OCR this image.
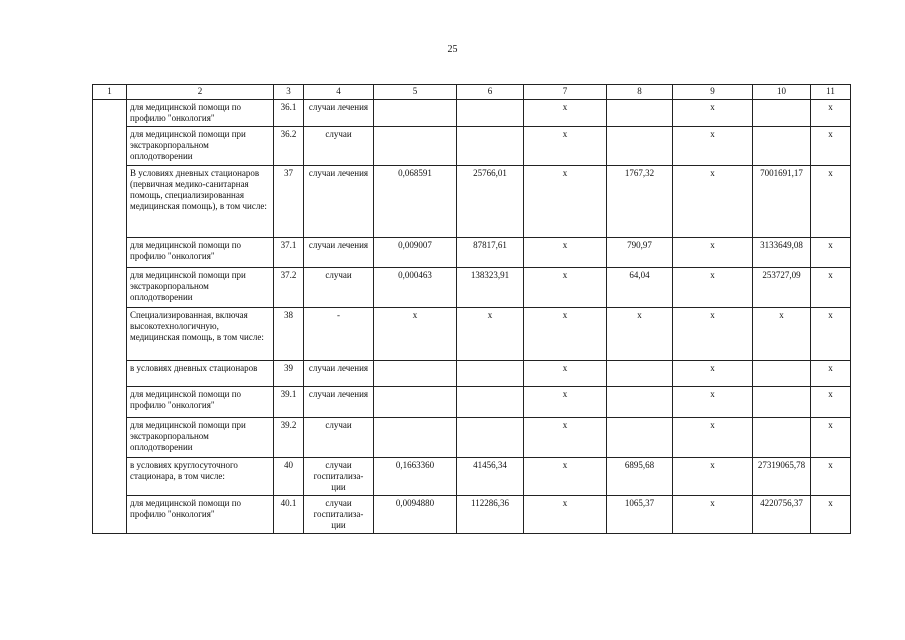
25
1	2	3	4	5	6	7	8	9	10	11
	для медицинской помощи по профилю "онкология"	36.1	случаи лечения			х		х		х
	для медицинской помощи при экстракорпоральном оплодотворении	36.2	случаи			х		х		х
	В условиях дневных стационаров (первичная медико-санитарная помощь, специализированная медицинская помощь), в том числе:	37	случаи лечения	0,068591	25766,01	х	1767,32	х	7001691,17	х
	для медицинской помощи по профилю "онкология"	37.1	случаи лечения	0,009007	87817,61	х	790,97	х	3133649,08	х
	для медицинской помощи при экстракорпоральном оплодотворении	37.2	случаи	0,000463	138323,91	х	64,04	х	253727,09	х
	Специализированная, включая высокотехнологичную, медицинская помощь, в том числе:	38	-	х	х	х	х	х	х	х
	в условиях дневных стационаров	39	случаи лечения			х		х		х
	для медицинской помощи по профилю "онкология"	39.1	случаи лечения			х		х		х
	для медицинской помощи при экстракорпоральном оплодотворении	39.2	случаи			х		х		х
	в условиях круглосуточного стационара, в том числе:	40	случаи госпитализа-ции	0,1663360	41456,34	х	6895,68	х	27319065,78	х
	для медицинской помощи по профилю "онкология"	40.1	случаи госпитализа-ции	0,0094880	112286,36	х	1065,37	х	4220756,37	х
